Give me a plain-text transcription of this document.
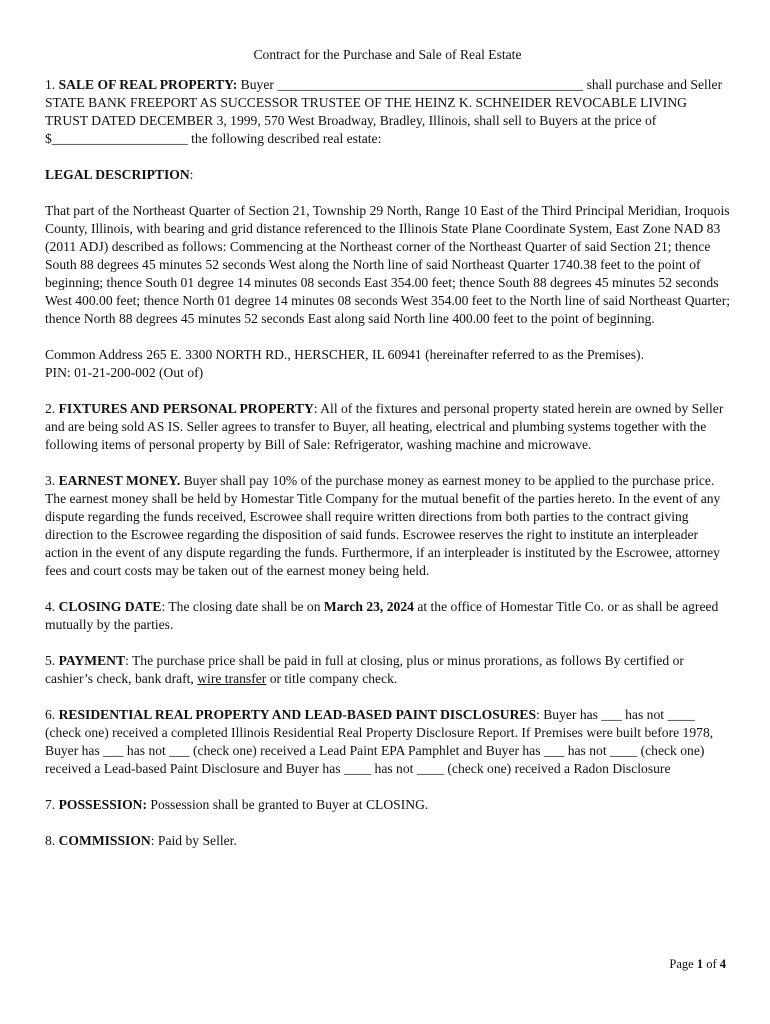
Contract for the Purchase and Sale of Real Estate

1. SALE OF REAL PROPERTY: Buyer _____________________________________________ shall purchase and Seller STATE BANK FREEPORT AS SUCCESSOR TRUSTEE OF THE HEINZ K. SCHNEIDER REVOCABLE LIVING TRUST DATED DECEMBER 3, 1999, 570 West Broadway, Bradley, Illinois, shall sell to Buyers at the price of $____________________ the following described real estate:

LEGAL DESCRIPTION:

That part of the Northeast Quarter of Section 21, Township 29 North, Range 10 East of the Third Principal Meridian, Iroquois County, Illinois, with bearing and grid distance referenced to the Illinois State Plane Coordinate System, East Zone NAD 83 (2011 ADJ) described as follows: Commencing at the Northeast corner of the Northeast Quarter of said Section 21; thence South 88 degrees 45 minutes 52 seconds West along the North line of said Northeast Quarter 1740.38 feet to the point of beginning; thence South 01 degree 14 minutes 08 seconds East 354.00 feet; thence South 88 degrees 45 minutes 52 seconds West 400.00 feet; thence North 01 degree 14 minutes 08 seconds West 354.00 feet to the North line of said Northeast Quarter; thence North 88 degrees 45 minutes 52 seconds East along said North line 400.00 feet to the point of beginning.

Common Address 265 E. 3300 NORTH RD., HERSCHER, IL 60941 (hereinafter referred to as the Premises).
PIN: 01-21-200-002 (Out of)

2. FIXTURES AND PERSONAL PROPERTY: All of the fixtures and personal property stated herein are owned by Seller and are being sold AS IS. Seller agrees to transfer to Buyer, all heating, electrical and plumbing systems together with the following items of personal property by Bill of Sale: Refrigerator, washing machine and microwave.

3. EARNEST MONEY. Buyer shall pay 10% of the purchase money as earnest money to be applied to the purchase price. The earnest money shall be held by Homestar Title Company for the mutual benefit of the parties hereto. In the event of any dispute regarding the funds received, Escrowee shall require written directions from both parties to the contract giving direction to the Escrowee regarding the disposition of said funds. Escrowee reserves the right to institute an interpleader action in the event of any dispute regarding the funds. Furthermore, if an interpleader is instituted by the Escrowee, attorney fees and court costs may be taken out of the earnest money being held.

4. CLOSING DATE: The closing date shall be on March 23, 2024 at the office of Homestar Title Co. or as shall be agreed mutually by the parties.

5. PAYMENT: The purchase price shall be paid in full at closing, plus or minus prorations, as follows By certified or cashier’s check, bank draft, wire transfer or title company check.

6. RESIDENTIAL REAL PROPERTY AND LEAD-BASED PAINT DISCLOSURES: Buyer has ___ has not ____ (check one) received a completed Illinois Residential Real Property Disclosure Report. If Premises were built before 1978, Buyer has ___ has not ___ (check one) received a Lead Paint EPA Pamphlet and Buyer has ___ has not ____ (check one) received a Lead-based Paint Disclosure and Buyer has ____ has not ____ (check one) received a Radon Disclosure

7. POSSESSION: Possession shall be granted to Buyer at CLOSING.

8. COMMISSION: Paid by Seller.

Page 1 of 4
